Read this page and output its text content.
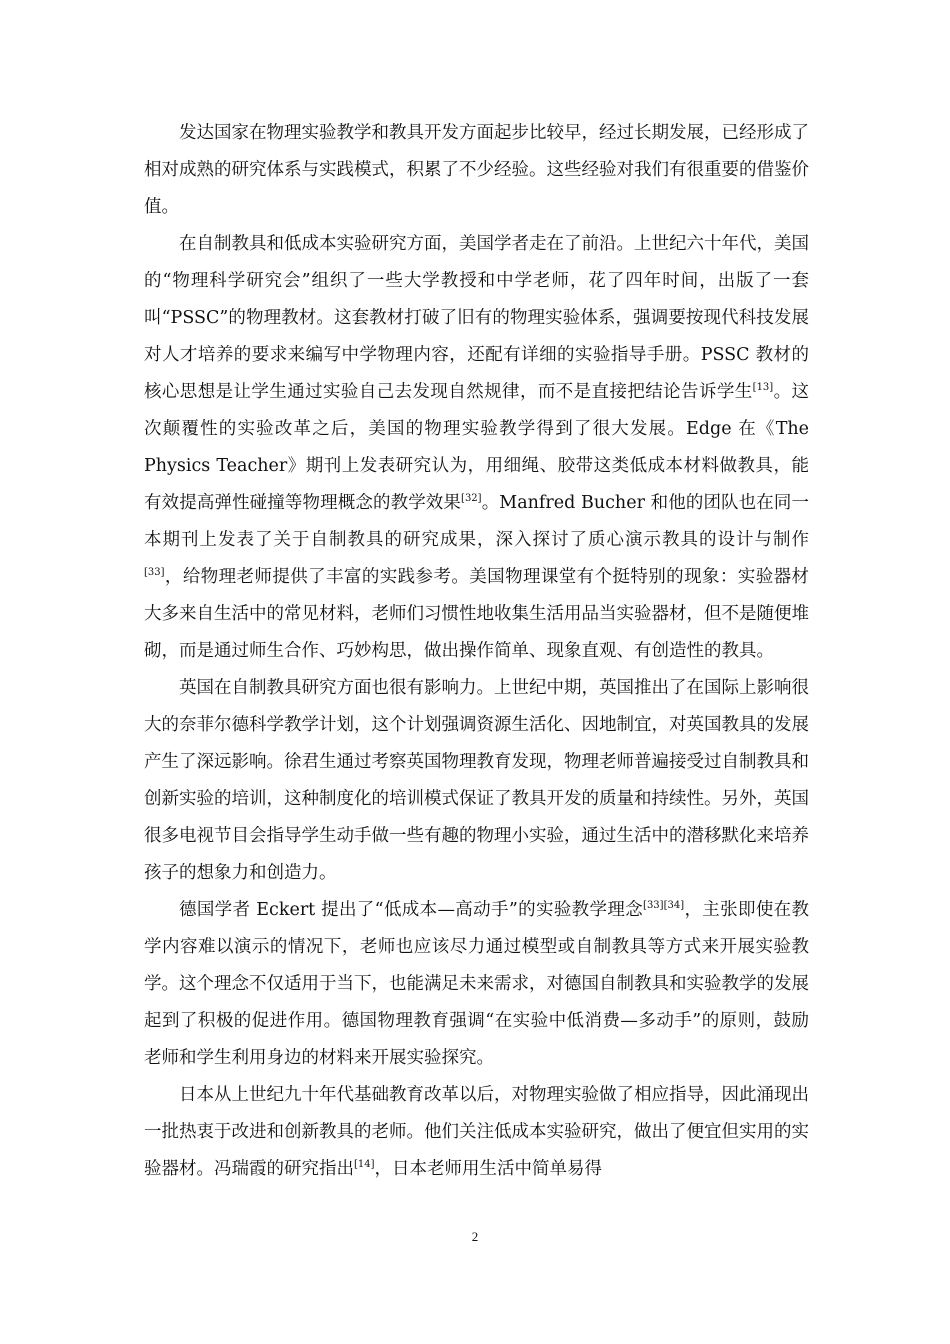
发达国家在物理实验教学和教具开发方面起步比较早，经过长期发展，已经形成了相对成熟的研究体系与实践模式，积累了不少经验。这些经验对我们有很重要的借鉴价值。

在自制教具和低成本实验研究方面，美国学者走在了前沿。上世纪六十年代，美国的“物理科学研究会”组织了一些大学教授和中学老师，花了四年时间，出版了一套叫“PSSC”的物理教材。这套教材打破了旧有的物理实验体系，强调要按现代科技发展对人才培养的要求来编写中学物理内容，还配有详细的实验指导手册。PSSC 教材的核心思想是让学生通过实验自己去发现自然规律，而不是直接把结论告诉学生[13]。这次颠覆性的实验改革之后，美国的物理实验教学得到了很大发展。Edge 在《The Physics Teacher》期刊上发表研究认为，用细绳、胶带这类低成本材料做教具，能有效提高弹性碰撞等物理概念的教学效果[32]。Manfred Bucher 和他的团队也在同一本期刊上发表了关于自制教具的研究成果，深入探讨了质心演示教具的设计与制作[33]，给物理老师提供了丰富的实践参考。美国物理课堂有个挺特别的现象：实验器材大多来自生活中的常见材料，老师们习惯性地收集生活用品当实验器材，但不是随便堆砌，而是通过师生合作、巧妙构思，做出操作简单、现象直观、有创造性的教具。

英国在自制教具研究方面也很有影响力。上世纪中期，英国推出了在国际上影响很大的奈菲尔德科学教学计划，这个计划强调资源生活化、因地制宜，对英国教具的发展产生了深远影响。徐君生通过考察英国物理教育发现，物理老师普遍接受过自制教具和创新实验的培训，这种制度化的培训模式保证了教具开发的质量和持续性。另外，英国很多电视节目会指导学生动手做一些有趣的物理小实验，通过生活中的潜移默化来培养孩子的想象力和创造力。

德国学者 Eckert 提出了“低成本—高动手”的实验教学理念[33][34]，主张即使在教学内容难以演示的情况下，老师也应该尽力通过模型或自制教具等方式来开展实验教学。这个理念不仅适用于当下，也能满足未来需求，对德国自制教具和实验教学的发展起到了积极的促进作用。德国物理教育强调“在实验中低消费—多动手”的原则，鼓励老师和学生利用身边的材料来开展实验探究。

日本从上世纪九十年代基础教育改革以后，对物理实验做了相应指导，因此涌现出一批热衷于改进和创新教具的老师。他们关注低成本实验研究，做出了便宜但实用的实验器材。冯瑞霞的研究指出[14]，日本老师用生活中简单易得

2
